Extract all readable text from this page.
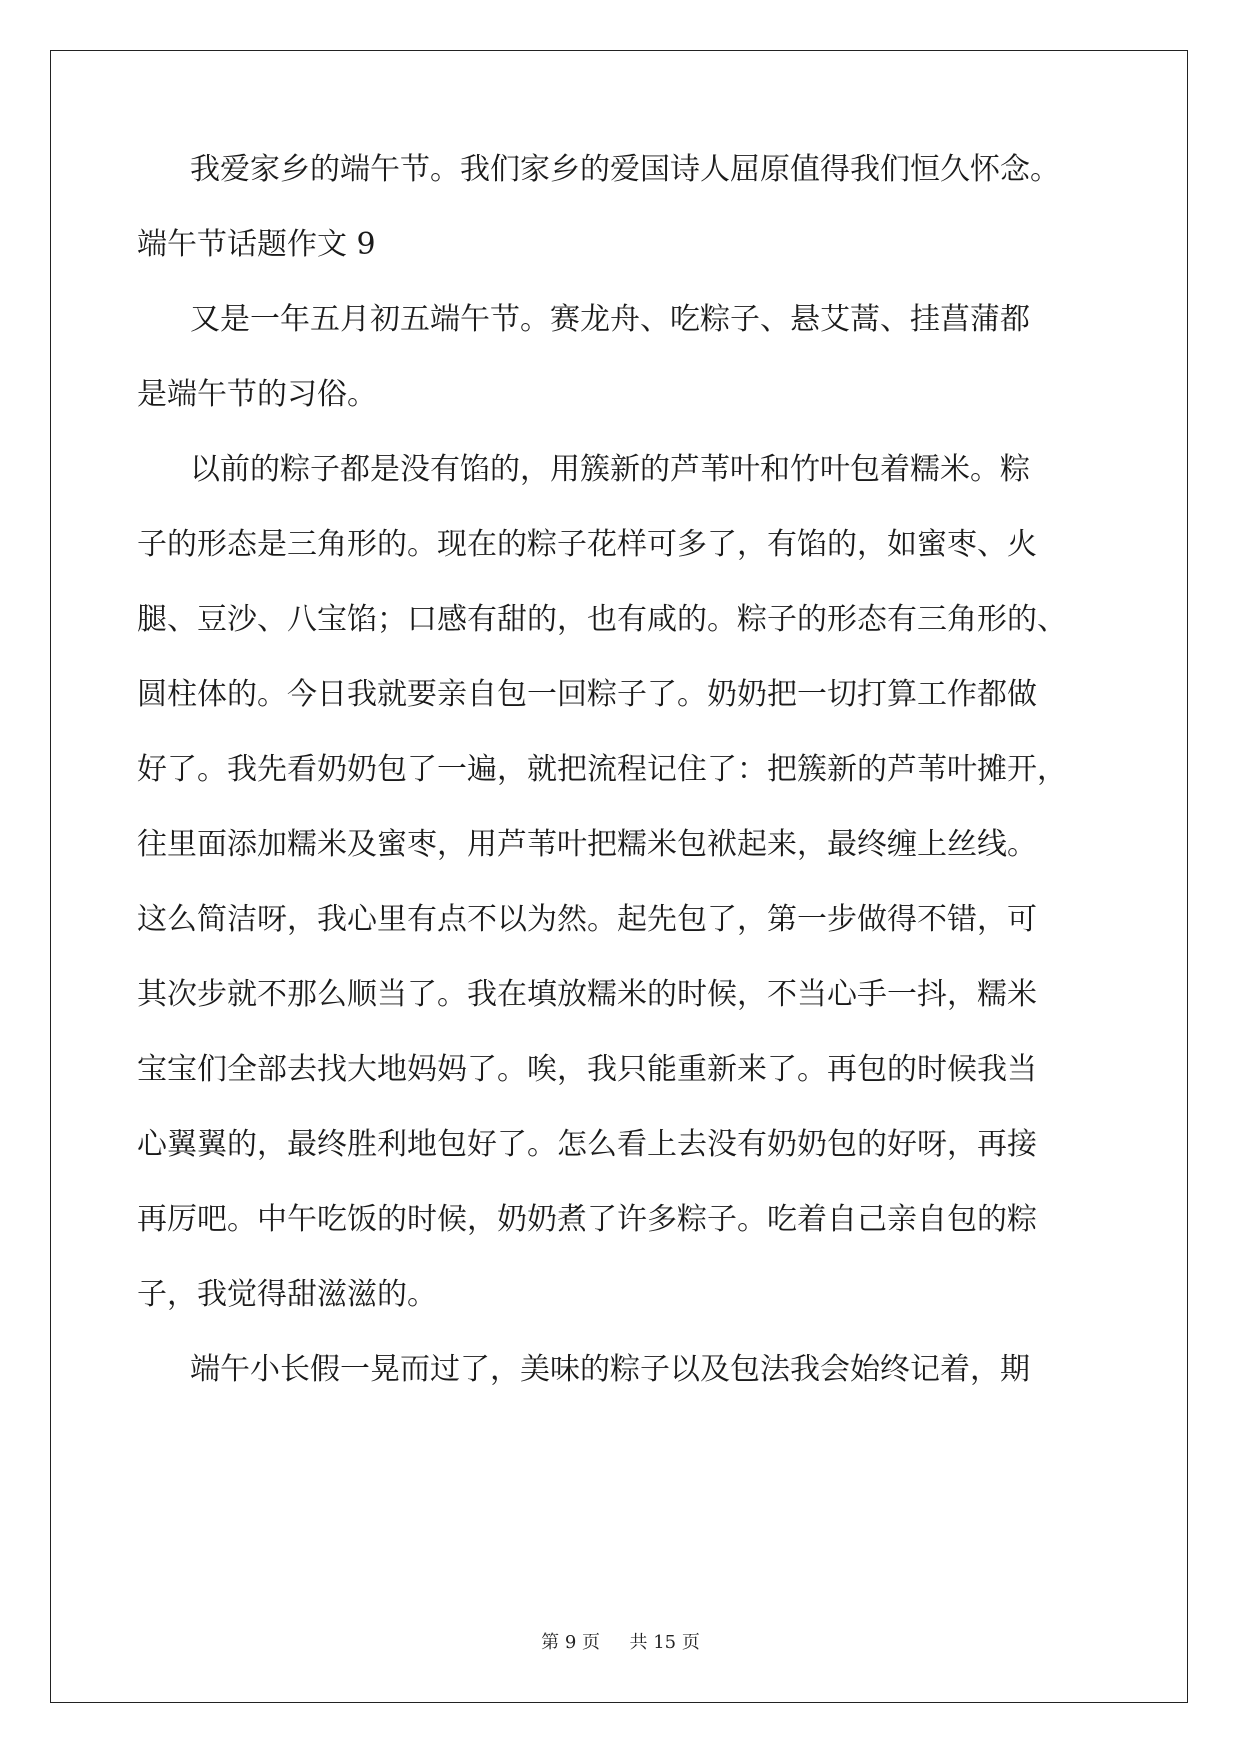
我爱家乡的端午节。我们家乡的爱国诗人屈原值得我们恒久怀念。
端午节话题作文 9
又是一年五月初五端午节。赛龙舟、吃粽子、悬艾蒿、挂菖蒲都
是端午节的习俗。
以前的粽子都是没有馅的，用簇新的芦苇叶和竹叶包着糯米。粽
子的形态是三角形的。现在的粽子花样可多了，有馅的，如蜜枣、火
腿、豆沙、八宝馅；口感有甜的，也有咸的。粽子的形态有三角形的、
圆柱体的。今日我就要亲自包一回粽子了。奶奶把一切打算工作都做
好了。我先看奶奶包了一遍，就把流程记住了：把簇新的芦苇叶摊开，
往里面添加糯米及蜜枣，用芦苇叶把糯米包袱起来，最终缠上丝线。
这么简洁呀，我心里有点不以为然。起先包了，第一步做得不错，可
其次步就不那么顺当了。我在填放糯米的时候，不当心手一抖，糯米
宝宝们全部去找大地妈妈了。唉，我只能重新来了。再包的时候我当
心翼翼的，最终胜利地包好了。怎么看上去没有奶奶包的好呀，再接
再厉吧。中午吃饭的时候，奶奶煮了许多粽子。吃着自己亲自包的粽
子，我觉得甜滋滋的。
端午小长假一晃而过了，美味的粽子以及包法我会始终记着，期
第 9 页 共 15 页
